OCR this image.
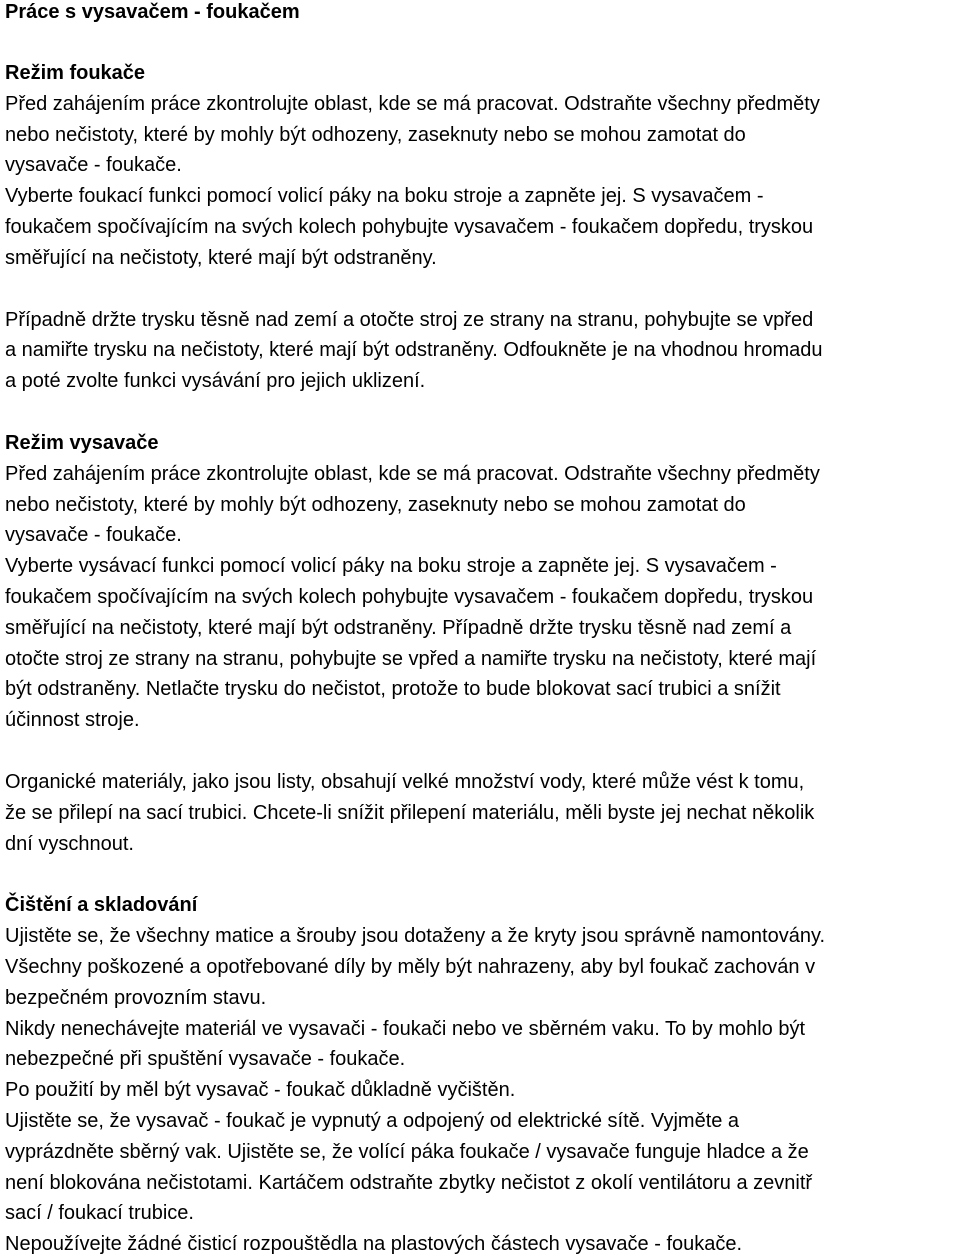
Práce s vysavačem - foukačem
Režim foukače

Před zahájením práce zkontrolujte oblast, kde se má pracovat. Odstraňte všechny předměty

nebo nečistoty, které by mohly být odhozeny, zaseknuty nebo se mohou zamotat do

vysavače - foukače.

Vyberte foukací funkci pomocí volicí páky na boku stroje a zapněte jej. S vysavačem -

foukačem spočívajícím na svých kolech pohybujte vysavačem - foukačem dopředu, tryskou

směřující na nečistoty, které mají být odstraněny.

Případně držte trysku těsně nad zemí a otočte stroj ze strany na stranu, pohybujte se vpřed

a namiřte trysku na nečistoty, které mají být odstraněny. Odfoukněte je na vhodnou hromadu

a poté zvolte funkci vysávání pro jejich uklizení.

Režim vysavače

Před zahájením práce zkontrolujte oblast, kde se má pracovat. Odstraňte všechny předměty

nebo nečistoty, které by mohly být odhozeny, zaseknuty nebo se mohou zamotat do

vysavače - foukače.

Vyberte vysávací funkci pomocí volicí páky na boku stroje a zapněte jej. S vysavačem -

foukačem spočívajícím na svých kolech pohybujte vysavačem - foukačem dopředu, tryskou

směřující na nečistoty, které mají být odstraněny. Případně držte trysku těsně nad zemí a

otočte stroj ze strany na stranu, pohybujte se vpřed a namiřte trysku na nečistoty, které mají

být odstraněny. Netlačte trysku do nečistot, protože to bude blokovat sací trubici a snížit

účinnost stroje.

Organické materiály, jako jsou listy, obsahují velké množství vody, které může vést k tomu,

že se přilepí na sací trubici. Chcete-li snížit přilepení materiálu, měli byste jej nechat několik

dní vyschnout.

Čištění a skladování

Ujistěte se, že všechny matice a šrouby jsou dotaženy a že kryty jsou správně namontovány.

Všechny poškozené a opotřebované díly by měly být nahrazeny, aby byl foukač zachován v

bezpečném provozním stavu.

Nikdy nenechávejte materiál ve vysavači - foukači nebo ve sběrném vaku. To by mohlo být

nebezpečné při spuštění vysavače - foukače.

Po použití by měl být vysavač - foukač důkladně vyčištěn.

Ujistěte se, že vysavač - foukač je vypnutý a odpojený od elektrické sítě. Vyjměte a

vyprázdněte sběrný vak. Ujistěte se, že volící páka foukače / vysavače funguje hladce a že

není blokována nečistotami. Kartáčem odstraňte zbytky nečistot z okolí ventilátoru a zevnitř

sací / foukací trubice.

Nepoužívejte žádné čisticí rozpouštědla na plastových částech vysavače - foukače.
